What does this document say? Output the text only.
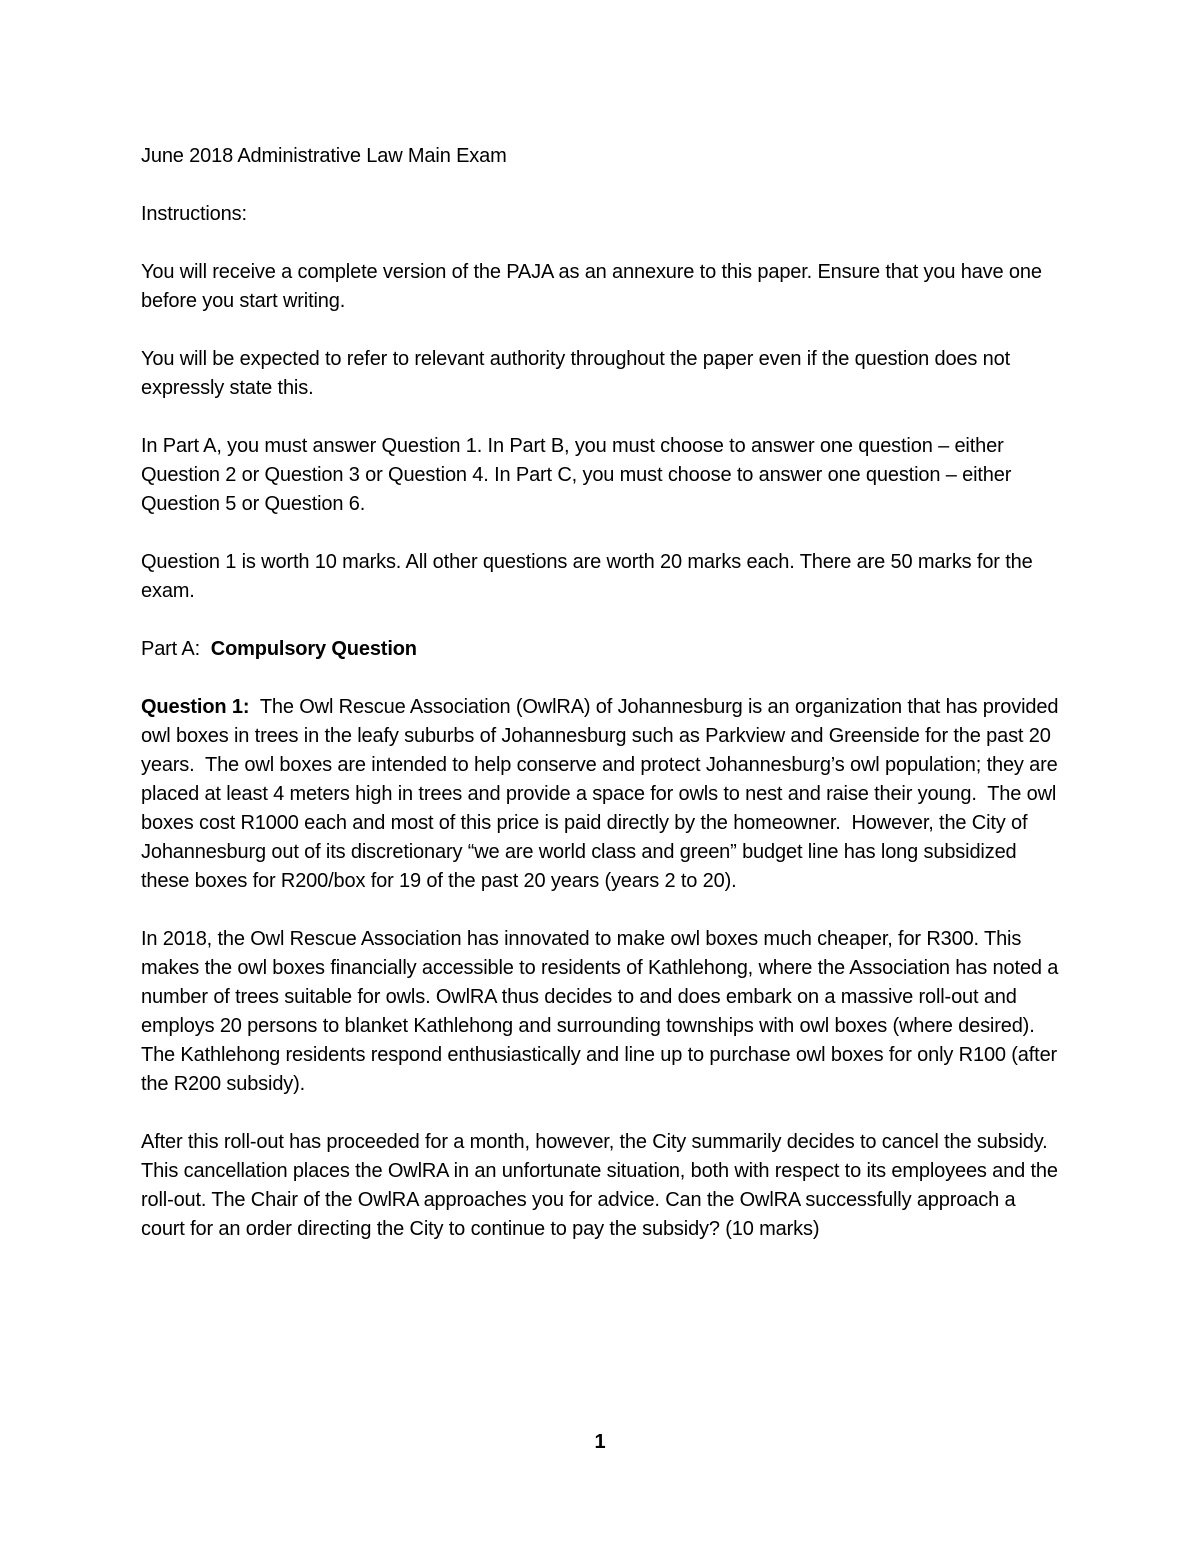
June 2018 Administrative Law Main Exam

Instructions:

You will receive a complete version of the PAJA as an annexure to this paper. Ensure that you have one before you start writing.

You will be expected to refer to relevant authority throughout the paper even if the question does not expressly state this.

In Part A, you must answer Question 1. In Part B, you must choose to answer one question – either Question 2 or Question 3 or Question 4. In Part C, you must choose to answer one question – either Question 5 or Question 6.

Question 1 is worth 10 marks. All other questions are worth 20 marks each. There are 50 marks for the exam.

Part A:  Compulsory Question

Question 1:  The Owl Rescue Association (OwlRA) of Johannesburg is an organization that has provided owl boxes in trees in the leafy suburbs of Johannesburg such as Parkview and Greenside for the past 20 years.  The owl boxes are intended to help conserve and protect Johannesburg’s owl population; they are placed at least 4 meters high in trees and provide a space for owls to nest and raise their young.  The owl boxes cost R1000 each and most of this price is paid directly by the homeowner.  However, the City of Johannesburg out of its discretionary “we are world class and green” budget line has long subsidized these boxes for R200/box for 19 of the past 20 years (years 2 to 20).

In 2018, the Owl Rescue Association has innovated to make owl boxes much cheaper, for R300. This makes the owl boxes financially accessible to residents of Kathlehong, where the Association has noted a number of trees suitable for owls. OwlRA thus decides to and does embark on a massive roll-out and employs 20 persons to blanket Kathlehong and surrounding townships with owl boxes (where desired). The Kathlehong residents respond enthusiastically and line up to purchase owl boxes for only R100 (after the R200 subsidy).

After this roll-out has proceeded for a month, however, the City summarily decides to cancel the subsidy. This cancellation places the OwlRA in an unfortunate situation, both with respect to its employees and the roll-out. The Chair of the OwlRA approaches you for advice. Can the OwlRA successfully approach a court for an order directing the City to continue to pay the subsidy? (10 marks)

1
